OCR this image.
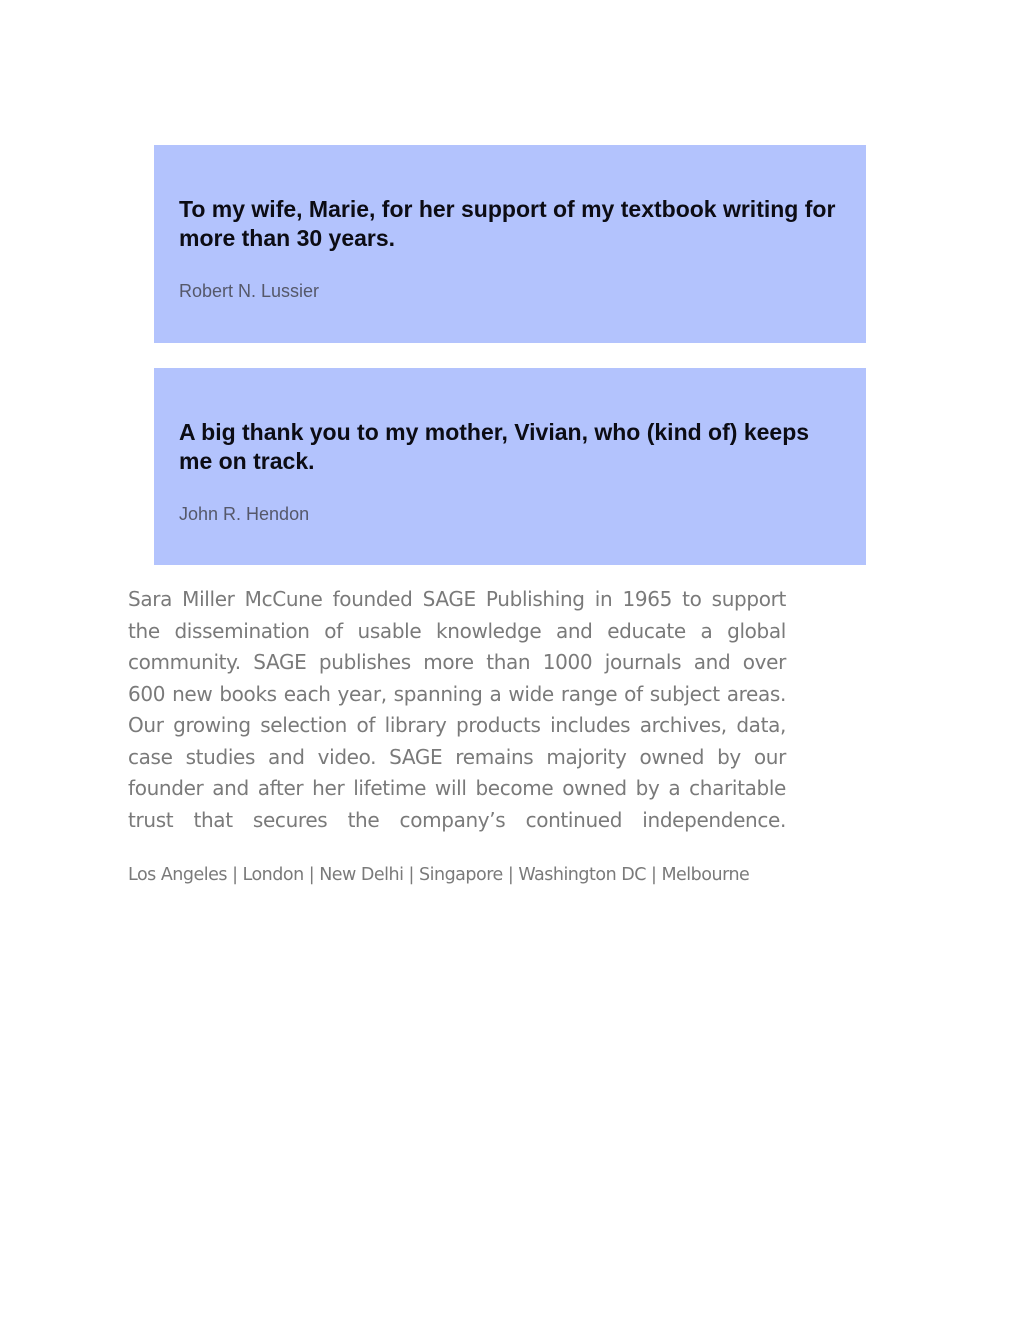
To my wife, Marie, for her support of my textbook writing for more than 30 years.

Robert N. Lussier

A big thank you to my mother, Vivian, who (kind of) keeps me on track.

John R. Hendon

Sara Miller McCune founded SAGE Publishing in 1965 to support
the dissemination of usable knowledge and educate a global
community. SAGE publishes more than 1000 journals and over
600 new books each year, spanning a wide range of subject areas.
Our growing selection of library products includes archives, data,
case studies and video. SAGE remains majority owned by our
founder and after her lifetime will become owned by a charitable
trust that secures the company’s continued independence.

Los Angeles | London | New Delhi | Singapore | Washington DC | Melbourne
